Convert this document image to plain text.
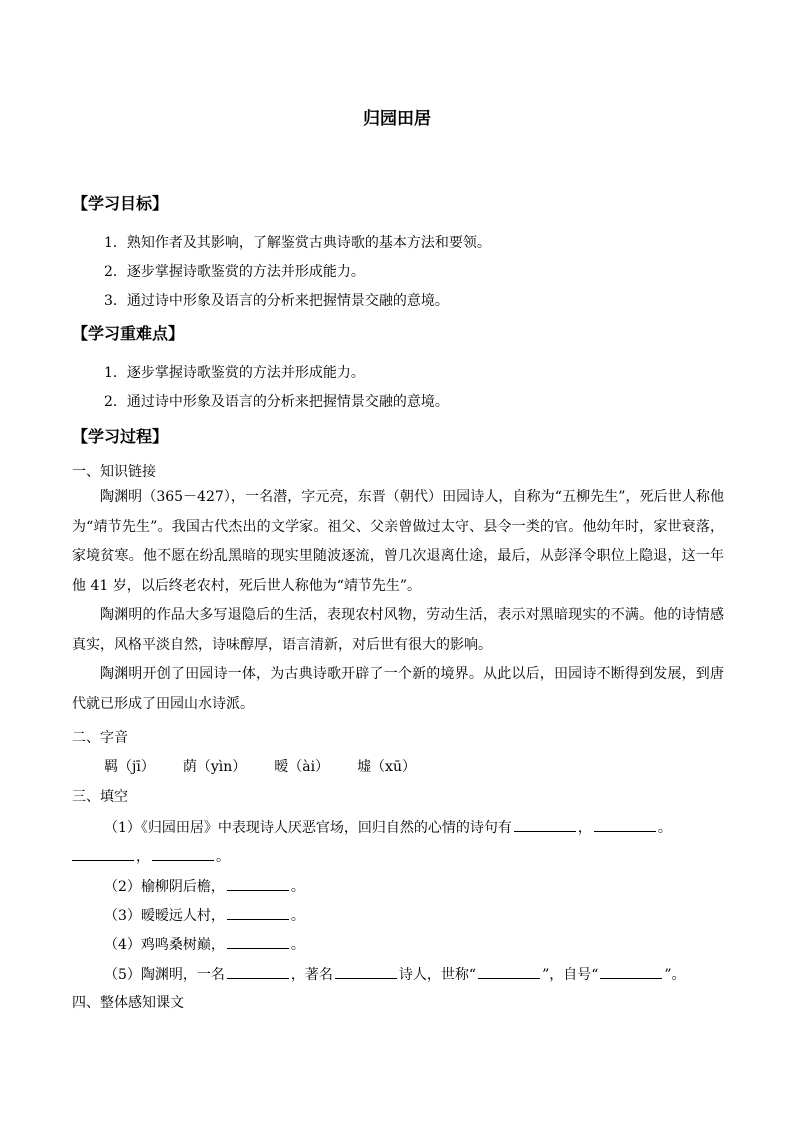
归园田居
【学习目标】
1．熟知作者及其影响，了解鉴赏古典诗歌的基本方法和要领。
2．逐步掌握诗歌鉴赏的方法并形成能力。
3．通过诗中形象及语言的分析来把握情景交融的意境。
【学习重难点】
1．逐步掌握诗歌鉴赏的方法并形成能力。
2．通过诗中形象及语言的分析来把握情景交融的意境。
【学习过程】
一、知识链接
陶渊明（365－427），一名潜，字元亮，东晋（朝代）田园诗人，自称为“五柳先生”，死后世人称他为“靖节先生”。我国古代杰出的文学家。祖父、父亲曾做过太守、县令一类的官。他幼年时，家世衰落，家境贫寒。他不愿在纷乱黑暗的现实里随波逐流，曾几次退离仕途，最后，从彭泽令职位上隐退，这一年他 41 岁，以后终老农村，死后世人称他为“靖节先生”。
陶渊明的作品大多写退隐后的生活，表现农村风物，劳动生活，表示对黑暗现实的不满。他的诗情感真实，风格平淡自然，诗味醇厚，语言清新，对后世有很大的影响。
陶渊明开创了田园诗一体，为古典诗歌开辟了一个新的境界。从此以后，田园诗不断得到发展，到唐代就已形成了田园山水诗派。
二、字音
羁（jī） 荫（yìn） 暧（ài） 墟（xū）
三、填空
（1）《归园田居》中表现诗人厌恶官场，回归自然的心情的诗句有	，	。
，	。
（2）榆柳阴后檐，	。
（3）暧暧远人村，	。
（4）鸡鸣桑树巅，	。
（5）陶渊明，一名	，著名	诗人，世称“	”，自号“	”。
四、整体感知课文
